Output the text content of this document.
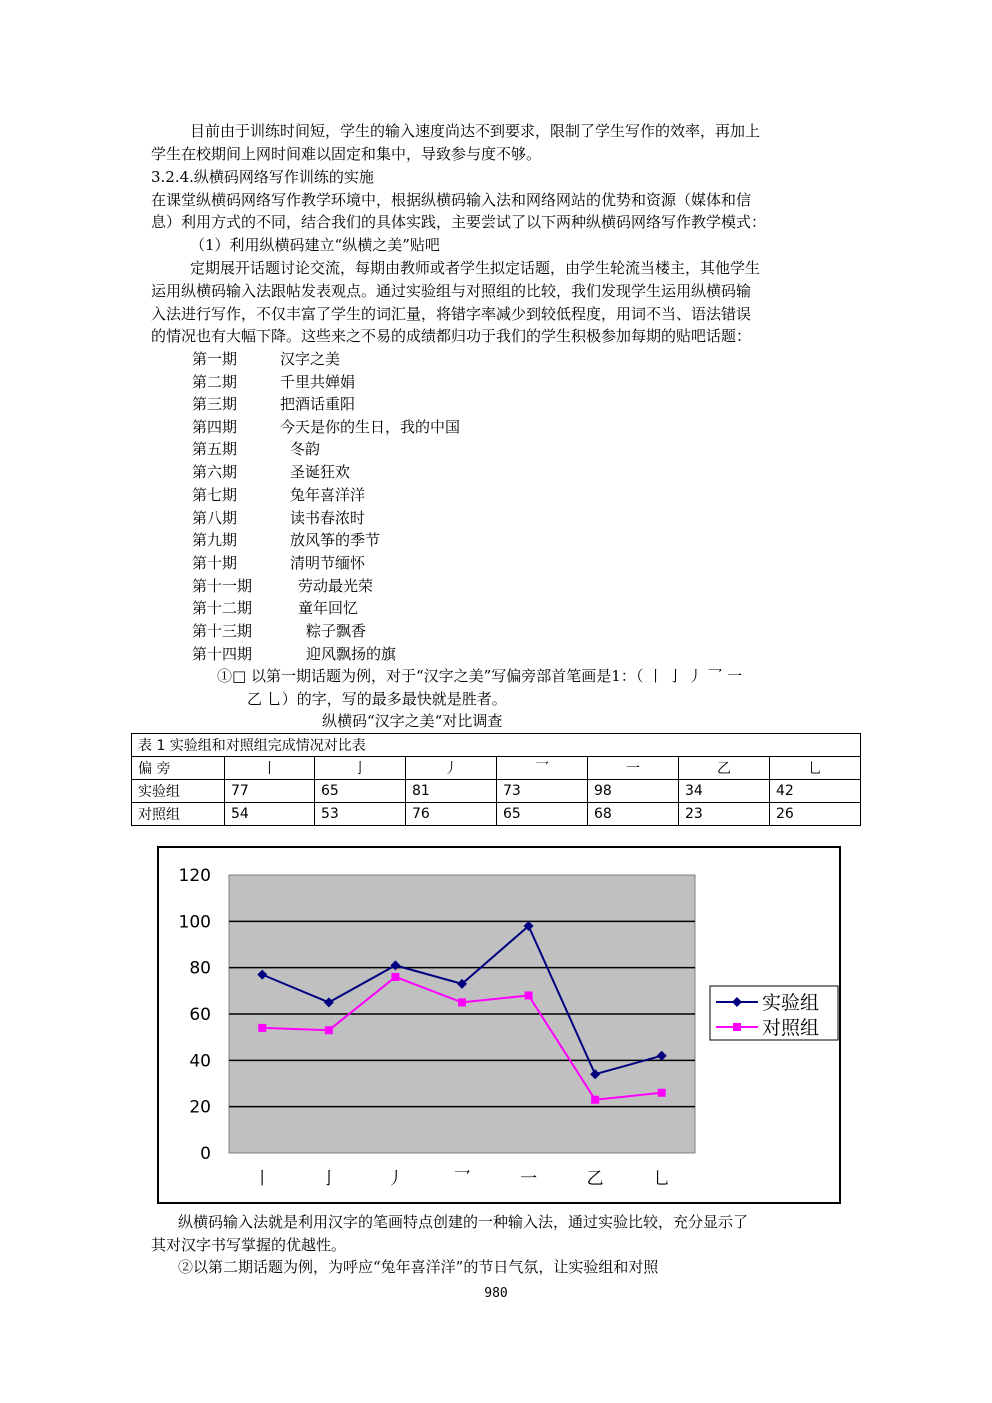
目前由于训练时间短，学生的输入速度尚达不到要求，限制了学生写作的效率，再加上
学生在校期间上网时间难以固定和集中，导致参与度不够。
3.2.4.纵横码网络写作训练的实施
在课堂纵横码网络写作教学环境中，根据纵横码输入法和网络网站的优势和资源（媒体和信
息）利用方式的不同，结合我们的具体实践，主要尝试了以下两种纵横码网络写作教学模式：
（1）利用纵横码建立“纵横之美”贴吧
定期展开话题讨论交流，每期由教师或者学生拟定话题，由学生轮流当楼主，其他学生
运用纵横码输入法跟帖发表观点。通过实验组与对照组的比较，我们发现学生运用纵横码输
入法进行写作，不仅丰富了学生的词汇量，将错字率减少到较低程度，用词不当、语法错误
的情况也有大幅下降。这些来之不易的成绩都归功于我们的学生积极参加每期的贴吧话题：
第一期	汉字之美
第二期	千里共婵娟
第三期	把酒话重阳
第四期	今天是你的生日，我的中国
第五期	冬韵
第六期	圣诞狂欢
第七期	兔年喜洋洋
第八期	读书春浓时
第九期	放风筝的季节
第十期	清明节缅怀
第十一期	劳动最光荣
第十二期	童年回忆
第十三期	粽子飘香
第十四期	迎风飘扬的旗
①□ 以第一期话题为例，对于“汉字之美”写偏旁部首笔画是1：（ 丨 亅 丿 乛 一
乙 乚）的字，写的最多最快就是胜者。
纵横码“汉字之美“对比调查
表 1 实验组和对照组完成情况对比表							
偏 旁	丨	亅	丿	乛	一	乙	乚
实验组	77	65	81	73	98	34	42
对照组	54	53	76	65	68	23	26
0
20
40
60
80
100
120
丨	亅	丿	乛	一	乙	乚
实验组
对照组
纵横码输入法就是利用汉字的笔画特点创建的一种输入法，通过实验比较，充分显示了
其对汉字书写掌握的优越性。
②以第二期话题为例，为呼应“兔年喜洋洋”的节日气氛，让实验组和对照
980
